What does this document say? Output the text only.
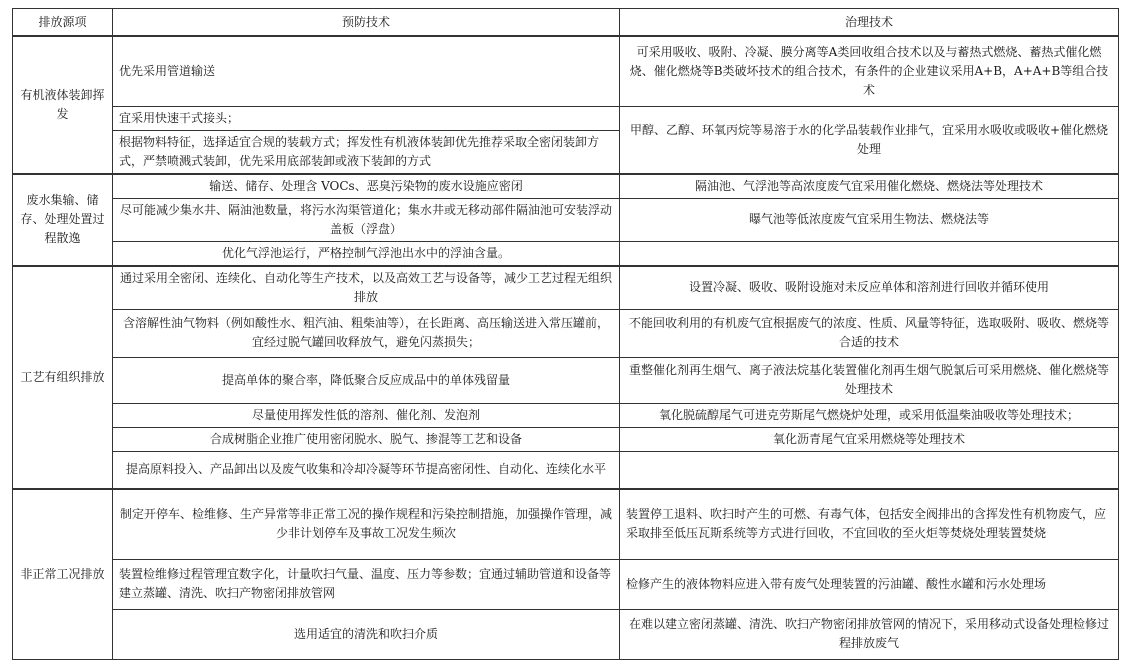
排放源项	预防技术	治理技术
有机液体装卸挥发	优先采用管道输送	可采用吸收、吸附、冷凝、膜分离等A类回收组合技术以及与蓄热式燃烧、蓄热式催化燃烧、催化燃烧等B类破坏技术的组合技术，有条件的企业建议采用A+B，A+A+B等组合技术
	宜采用快速干式接头；	甲醇、乙醇、环氧丙烷等易溶于水的化学品装载作业排气，宜采用水吸收或吸收+催化燃烧处理
	根据物料特征，选择适宜合规的装载方式；挥发性有机液体装卸优先推荐采取全密闭装卸方式，严禁喷溅式装卸，优先采用底部装卸或液下装卸的方式	
废水集输、储存、处理处置过程散逸	输送、储存、处理含 VOCs、恶臭污染物的废水设施应密闭	隔油池、气浮池等高浓度废气宜采用催化燃烧、燃烧法等处理技术
	尽可能减少集水井、隔油池数量，将污水沟渠管道化；集水井或无移动部件隔油池可安装浮动盖板（浮盘）	曝气池等低浓度废气宜采用生物法、燃烧法等
	优化气浮池运行，严格控制气浮池出水中的浮油含量。	
工艺有组织排放	通过采用全密闭、连续化、自动化等生产技术，以及高效工艺与设备等，减少工艺过程无组织排放	设置冷凝、吸收、吸附设施对未反应单体和溶剂进行回收并循环使用
	含溶解性油气物料（例如酸性水、粗汽油、粗柴油等），在长距离、高压输送进入常压罐前，宜经过脱气罐回收释放气，避免闪蒸损失；	不能回收利用的有机废气宜根据废气的浓度、性质、风量等特征，选取吸附、吸收、燃烧等合适的技术
	提高单体的聚合率，降低聚合反应成品中的单体残留量	重整催化剂再生烟气、离子液法烷基化装置催化剂再生烟气脱氯后可采用燃烧、催化燃烧等处理技术
	尽量使用挥发性低的溶剂、催化剂、发泡剂	氧化脱硫醇尾气可进克劳斯尾气燃烧炉处理，或采用低温柴油吸收等处理技术；
	合成树脂企业推广使用密闭脱水、脱气、掺混等工艺和设备	氧化沥青尾气宜采用燃烧等处理技术
	提高原料投入、产品卸出以及废气收集和冷却冷凝等环节提高密闭性、自动化、连续化水平	
非正常工况排放	制定开停车、检维修、生产异常等非正常工况的操作规程和污染控制措施，加强操作管理，减少非计划停车及事故工况发生频次	装置停工退料、吹扫时产生的可燃、有毒气体，包括安全阀排出的含挥发性有机物废气，应采取排至低压瓦斯系统等方式进行回收，不宜回收的至火炬等焚烧处理装置焚烧
	装置检维修过程管理宜数字化，计量吹扫气量、温度、压力等参数；宜通过辅助管道和设备等建立蒸罐、清洗、吹扫产物密闭排放管网	检修产生的液体物料应进入带有废气处理装置的污油罐、酸性水罐和污水处理场
	选用适宜的清洗和吹扫介质	在难以建立密闭蒸罐、清洗、吹扫产物密闭排放管网的情况下，采用移动式设备处理检修过程排放废气
